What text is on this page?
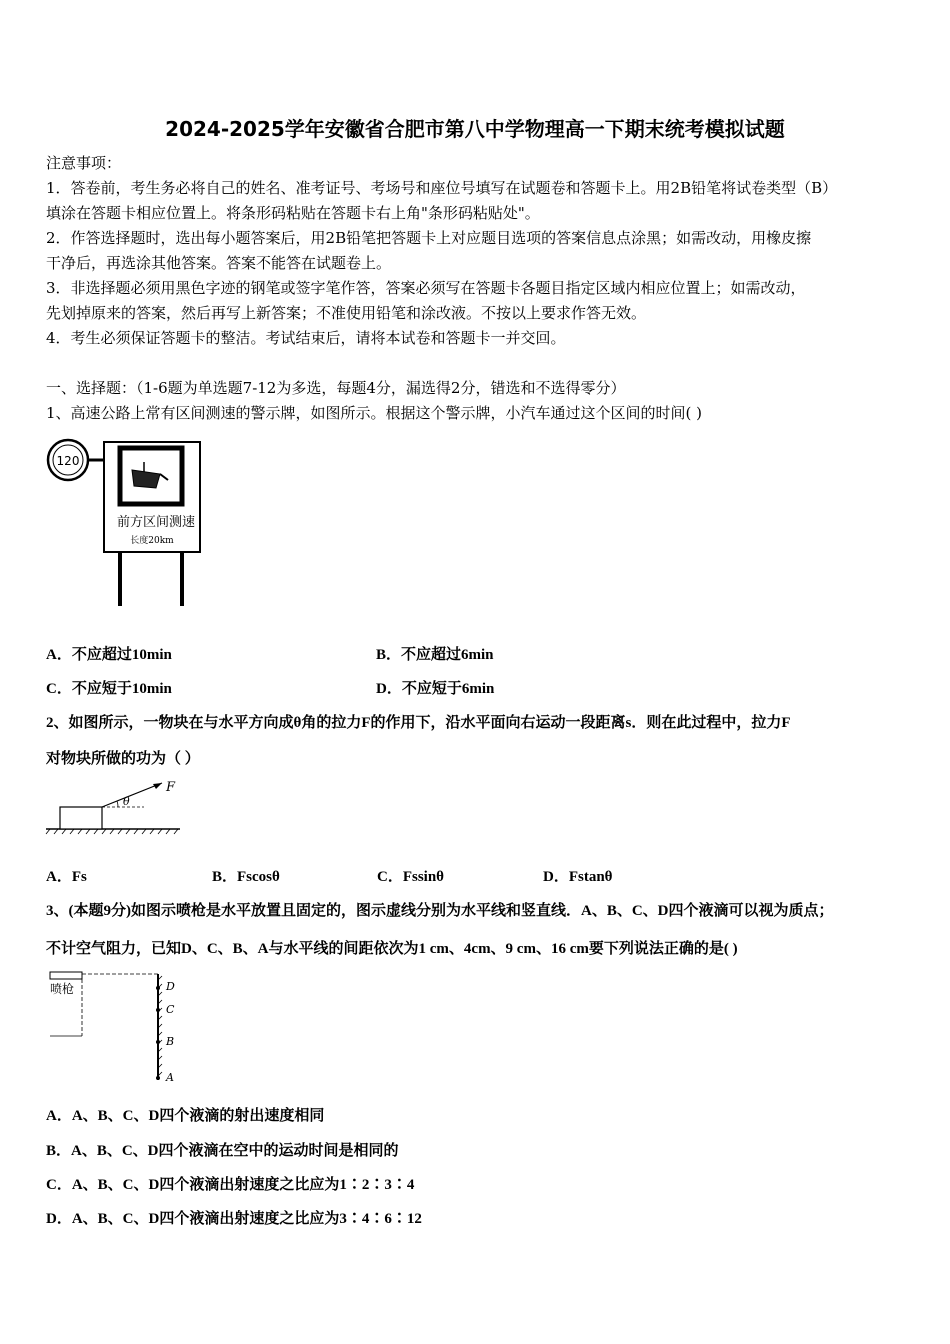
2024-2025学年安徽省合肥市第八中学物理高一下期末统考模拟试题
注意事项：
1．答卷前，考生务必将自己的姓名、准考证号、考场号和座位号填写在试题卷和答题卡上。用2B铅笔将试卷类型（B）
填涂在答题卡相应位置上。将条形码粘贴在答题卡右上角"条形码粘贴处"。
2．作答选择题时，选出每小题答案后，用2B铅笔把答题卡上对应题目选项的答案信息点涂黑；如需改动，用橡皮擦
干净后，再选涂其他答案。答案不能答在试题卷上。
3．非选择题必须用黑色字迹的钢笔或签字笔作答，答案必须写在答题卡各题目指定区域内相应位置上；如需改动，
先划掉原来的答案，然后再写上新答案；不准使用铅笔和涂改液。不按以上要求作答无效。
4．考生必须保证答题卡的整洁。考试结束后，请将本试卷和答题卡一并交回。
一、选择题：（1-6题为单选题7-12为多选，每题4分，漏选得2分，错选和不选得零分）
1、高速公路上常有区间测速的警示牌，如图所示。根据这个警示牌，小汽车通过这个区间的时间( )
120
前方区间测速
长度20km
A．不应超过10min	B．不应超过6min
C．不应短于10min	D．不应短于6min
2、如图所示，一物块在与水平方向成θ角的拉力F的作用下，沿水平面向右运动一段距离s．则在此过程中，拉力F
对物块所做的功为（ ）
θ
F
A．Fs	B．Fscosθ	C．Fssinθ	D．Fstanθ
3、(本题9分)如图示喷枪是水平放置且固定的，图示虚线分别为水平线和竖直线．A、B、C、D四个液滴可以视为质点；
不计空气阻力，已知D、C、B、A与水平线的间距依次为1 cm、4cm、9 cm、16 cm要下列说法正确的是( )
喷枪	D
C
B
A
A．A、B、C、D四个液滴的射出速度相同
B．A、B、C、D四个液滴在空中的运动时间是相同的
C．A、B、C、D四个液滴出射速度之比应为1∶2∶3∶4
D．A、B、C、D四个液滴出射速度之比应为3∶4∶6∶12
